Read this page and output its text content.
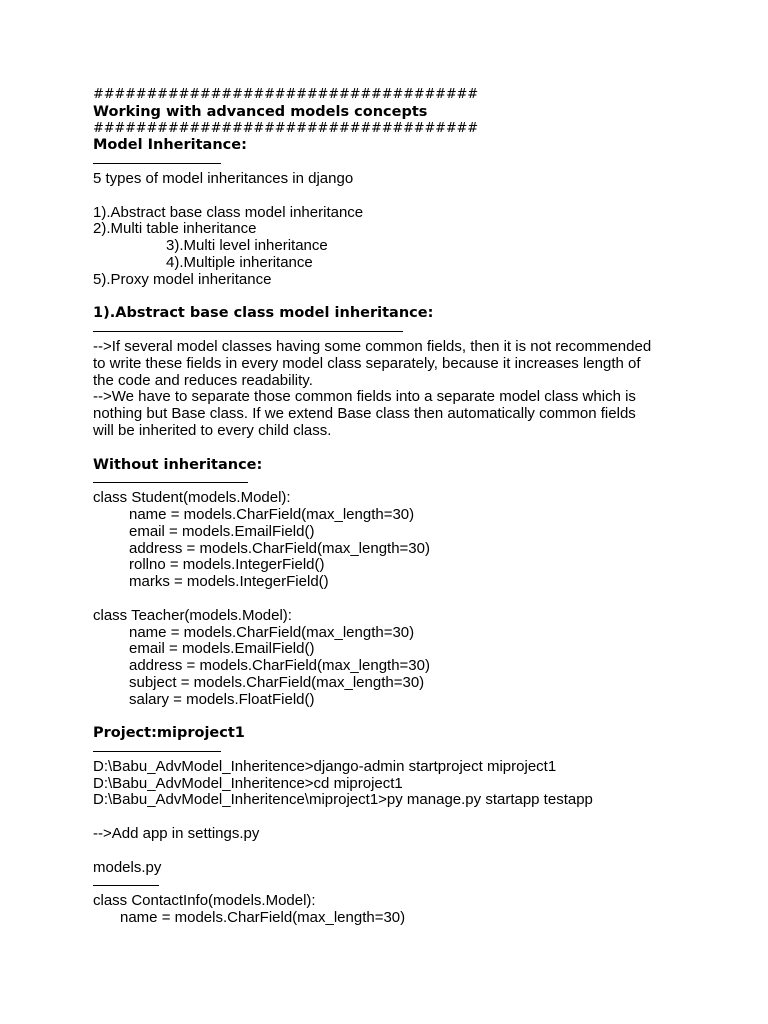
####################################
Working with advanced models concepts
####################################
Model Inheritance:
5 types of model inheritances in django
1).Abstract base class model inheritance
2).Multi table inheritance
3).Multi level inheritance
4).Multiple inheritance
5).Proxy model inheritance
1).Abstract base class model inheritance:
-->If several model classes having some common fields, then it is not recommended
to write these fields in every model class separately, because it increases length of
the code and reduces readability.
-->We have to separate those common fields into a separate model class which is
nothing but Base class. If we extend Base class then automatically common fields
will be inherited to every child class.
Without inheritance:
class Student(models.Model):
name = models.CharField(max_length=30)
email = models.EmailField()
address = models.CharField(max_length=30)
rollno = models.IntegerField()
marks = models.IntegerField()
class Teacher(models.Model):
name = models.CharField(max_length=30)
email = models.EmailField()
address = models.CharField(max_length=30)
subject = models.CharField(max_length=30)
salary = models.FloatField()
Project:miproject1
D:\Babu_AdvModel_Inheritence>django-admin startproject miproject1
D:\Babu_AdvModel_Inheritence>cd miproject1
D:\Babu_AdvModel_Inheritence\miproject1>py manage.py startapp testapp
-->Add app in settings.py
models.py
class ContactInfo(models.Model):
name = models.CharField(max_length=30)
